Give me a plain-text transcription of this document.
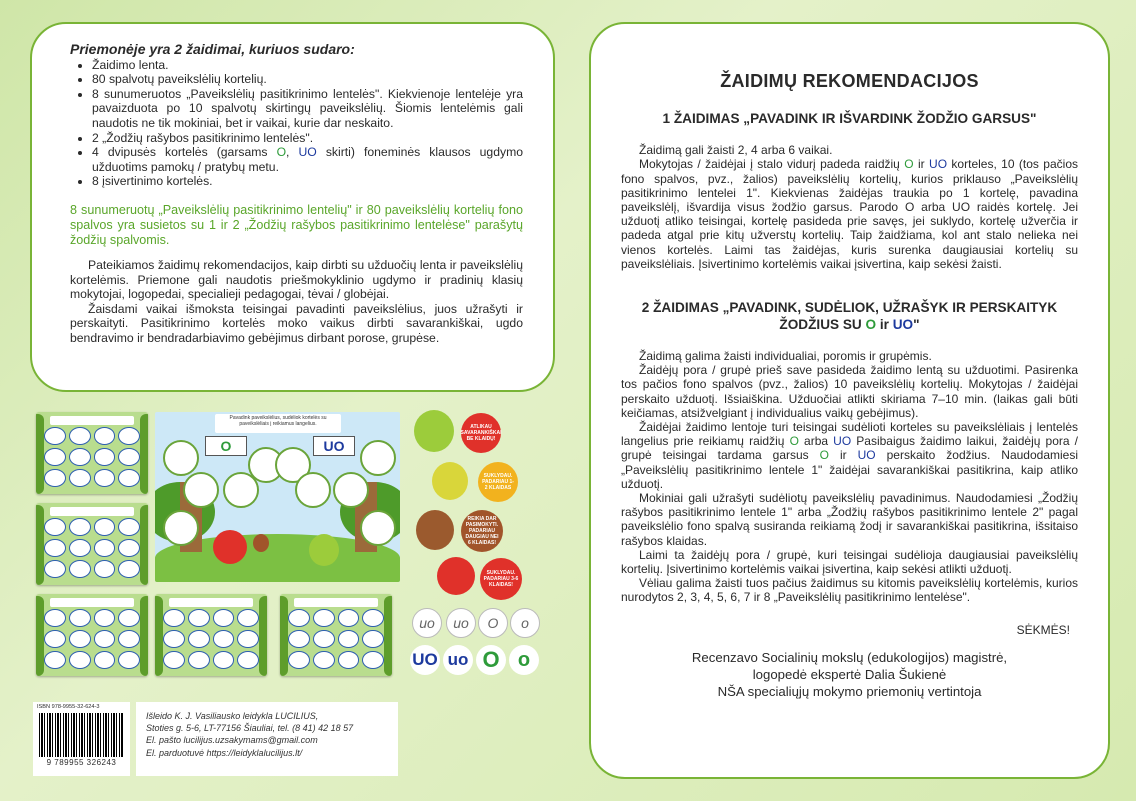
Priemonėje yra 2 žaidimai, kuriuos sudaro:
• Žaidimo lenta.
• 80 spalvotų paveikslėlių kortelių.
• 8 sunumeruotos „Paveikslėlių pasitikrinimo lentelės". Kiekvienoje lentelėje yra pavaizduota po 10 spalvotų skirtingų paveikslėlių. Šiomis lentelėmis gali naudotis ne tik mokiniai, bet ir vaikai, kurie dar neskaito.
• 2 „Žodžių rašybos pasitikrinimo lentelės".
• 4 dvipusės kortelės (garsams O, UO skirti) foneminės klausos ugdymo užduotims pamokų / pratybų metu.
• 8 įsivertinimo kortelės.
8 sunumeruotų „Paveikslėlių pasitikrinimo lentelių" ir 80 paveikslėlių kortelių fono spalvos yra susietos su 1 ir 2 „Žodžių rašybos pasitikrinimo lentelėse" parašytų žodžių spalvomis.

Pateikiamos žaidimų rekomendacijos, kaip dirbti su užduočių lenta ir paveikslėlių kortelėmis. Priemone gali naudotis priešmokyklinio ugdymo ir pradinių klasių mokytojai, logopedai, specialieji pedagogai, tėvai / globėjai.

Žaisdami vaikai išmoksta teisingai pavadinti paveikslėlius, juos užrašyti ir perskaityti. Pasitikrinimo kortelės moko vaikus dirbti savarankiškai, ugdo bendravimo ir bendradarbiavimo gebėjimus dirbant porose, grupėse.

ŽAIDIMŲ REKOMENDACIJOS
1 ŽAIDIMAS „PAVADINK IR IŠVARDINK ŽODŽIO GARSUS"

Žaidimą gali žaisti 2, 4 arba 6 vaikai.

Mokytojas / žaidėjai į stalo vidurį padeda raidžių O ir UO korteles, 10 (tos pačios fono spalvos, pvz., žalios) paveikslėlių kortelių, kurios priklauso „Paveikslėlių pasitikrinimo lentelei 1". Kiekvienas žaidėjas traukia po 1 kortelę, pavadina paveikslėlį, išvardija visus žodžio garsus. Parodo O arba UO raidės kortelę. Jei užduotį atliko teisingai, kortelę pasideda prie savęs, jei suklydo, kortelę užverčia ir padeda atgal prie kitų užverstų kortelių. Taip žaidžiama, kol ant stalo nelieka nei vienos kortelės. Laimi tas žaidėjas, kuris surenka daugiausiai kortelių su paveikslėliais. Įsivertinimo kortelėmis vaikai įsivertina, kaip sekėsi žaisti.

2 ŽAIDIMAS „PAVADINK, SUDĖLIOK, UŽRAŠYK IR PERSKAITYK ŽODŽIUS SU O ir UO"

Žaidimą galima žaisti individualiai, poromis ir grupėmis.

Žaidėjų pora / grupė prieš save pasideda žaidimo lentą su užduotimi. Pasirenka tos pačios fono spalvos (pvz., žalios) 10 paveikslėlių kortelių. Mokytojas / žaidėjai perskaito užduotį. Išsiaiškina. Užduočiai atlikti skiriama 7–10 min. (laikas gali būti keičiamas, atsižvelgiant į individualius vaikų gebėjimus).

Žaidėjai žaidimo lentoje turi teisingai sudėlioti korteles su paveikslėliais į lentelės langelius prie reikiamų raidžių O arba UO Pasibaigus žaidimo laikui, žaidėjų pora / grupė teisingai tardama garsus O ir UO perskaito žodžius. Naudodamiesi „Paveikslėlių pasitikrinimo lentele 1" žaidėjai savarankiškai pasitikrina, kaip atliko užduotį.

Mokiniai gali užrašyti sudėliotų paveikslėlių pavadinimus. Naudodamiesi „Žodžių rašybos pasitikrinimo lentele 1" arba „Žodžių rašybos pasitikrinimo lentele 2" pagal paveikslėlio fono spalvą susiranda reikiamą žodį ir savarankiškai pasitikrina, išsitaiso rašybos klaidas.

Laimi ta žaidėjų pora / grupė, kuri teisingai sudėlioja daugiausiai paveikslėlių kortelių. Įsivertinimo kortelėmis vaikai įsivertina, kaip sekėsi atlikti užduotį.

Vėliau galima žaisti tuos pačius žaidimus su kitomis paveikslėlių kortelėmis, kurios nurodytos 2, 3, 4, 5, 6, 7 ir 8 „Paveikslėlių pasitikrinimo lentelėse".

SĖKMĖS!
Recenzavo Socialinių mokslų (edukologijos) magistrė,
logopedė ekspertė Dalia Šukienė
NŠA specialiųjų mokymo priemonių vertintoja
Pavadink paveikslėlius, sudėliok kortelės su paveikslėliais į reikiamus langelius.
O	UO
ATLIKAU SAVARANKIŠKAI BE KLAIDŲ!
SUKLYDAU. PADARIAU 1-2 KLAIDAS
REIKIA DAR PASIMOKYTI. PADARIAU DAUGIAU NEI 6 KLAIDAS!
SUKLYDAU. PADARIAU 3-6 KLAIDAS!
uo	uo	O	o
UO uo O o
ISBN 978-9955-32-624-3
9 789955 326243
Išleido K. J. Vasiliausko leidykla LUCILIUS,
Stoties g. 5-6, LT-77156 Šiauliai, tel. (8 41) 42 18 57
El. pašto lucilijus.uzsakymams@gmail.com
El. parduotuvė https://leidyklalucilijus.lt/
